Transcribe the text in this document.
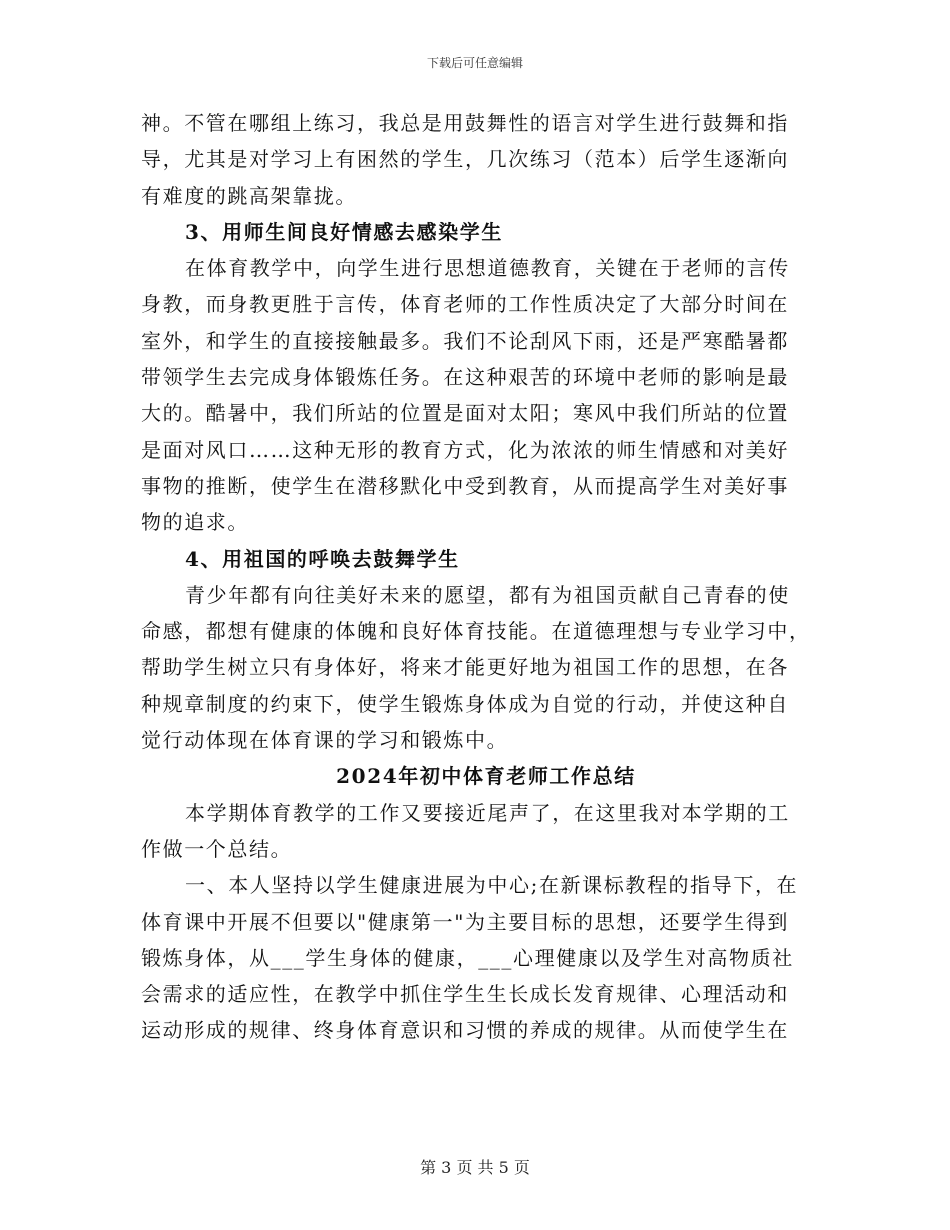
下载后可任意编辑
神。不管在哪组上练习，我总是用鼓舞性的语言对学生进行鼓舞和指
导，尤其是对学习上有困然的学生，几次练习（范本）后学生逐渐向
有难度的跳高架靠拢。
3、用师生间良好情感去感染学生
在体育教学中，向学生进行思想道德教育，关键在于老师的言传
身教，而身教更胜于言传，体育老师的工作性质决定了大部分时间在
室外，和学生的直接接触最多。我们不论刮风下雨，还是严寒酷暑都
带领学生去完成身体锻炼任务。在这种艰苦的环境中老师的影响是最
大的。酷暑中，我们所站的位置是面对太阳；寒风中我们所站的位置
是面对风口……这种无形的教育方式，化为浓浓的师生情感和对美好
事物的推断，使学生在潜移默化中受到教育，从而提高学生对美好事
物的追求。
4、用祖国的呼唤去鼓舞学生
青少年都有向往美好未来的愿望，都有为祖国贡献自己青春的使
命感，都想有健康的体魄和良好体育技能。在道德理想与专业学习中，
帮助学生树立只有身体好，将来才能更好地为祖国工作的思想，在各
种规章制度的约束下，使学生锻炼身体成为自觉的行动，并使这种自
觉行动体现在体育课的学习和锻炼中。
2024年初中体育老师工作总结
本学期体育教学的工作又要接近尾声了，在这里我对本学期的工
作做一个总结。
一、本人坚持以学生健康进展为中心;在新课标教程的指导下，在
体育课中开展不但要以"健康第一"为主要目标的思想，还要学生得到
锻炼身体，从___学生身体的健康，___心理健康以及学生对高物质社
会需求的适应性，在教学中抓住学生生长成长发育规律、心理活动和
运动形成的规律、终身体育意识和习惯的养成的规律。从而使学生在
第 3 页 共 5 页
